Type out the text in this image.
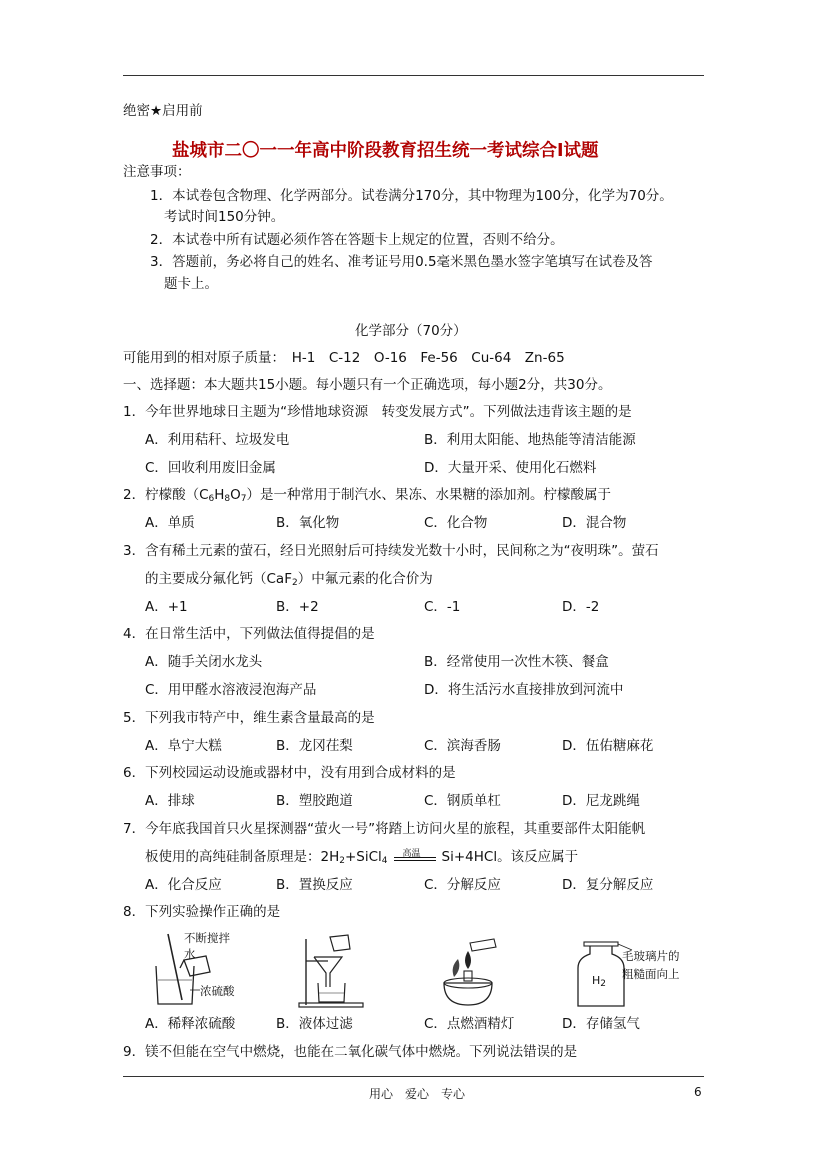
绝密★启用前
盐城市二〇一一年高中阶段教育招生统一考试综合Ⅰ试题
注意事项：
1．本试卷包含物理、化学两部分。试卷满分170分，其中物理为100分，化学为70分。
考试时间150分钟。
2．本试卷中所有试题必须作答在答题卡上规定的位置，否则不给分。
3．答题前，务必将自己的姓名、准考证号用0.5毫米黑色墨水签字笔填写在试卷及答
题卡上。
化学部分（70分）
可能用到的相对原子质量：　H-1　C-12　O-16　Fe-56　Cu-64　Zn-65
一、选择题：本大题共15小题。每小题只有一个正确选项，每小题2分，共30分。
1．今年世界地球日主题为“珍惜地球资源　转变发展方式”。下列做法违背该主题的是
A．利用秸秆、垃圾发电	B．利用太阳能、地热能等清洁能源
C．回收利用废旧金属	D．大量开采、使用化石燃料
2．柠檬酸$(C_6H_8O_7)$是一种常用于制汽水、果冻、水果糖的添加剂。柠檬酸属于
A．单质	B．氧化物	C．化合物	D．混合物
3．含有稀土元素的萤石，经日光照射后可持续发光数十小时，民间称之为“夜明珠”。萤石
的主要成分氟化钙（CaF$_2$）中氟元素的化合价为
A．+1	B．+2	C．-1	D．-2
4．在日常生活中，下列做法值得提倡的是
A．随手关闭水龙头	B．经常使用一次性木筷、餐盒
C．用甲醛水溶液浸泡海产品	D．将生活污水直接排放到河流中
5．下列我市特产中，维生素含量最高的是
A．阜宁大糕	B．龙冈茌梨	C．滨海香肠	D．伍佑糖麻花
6．下列校园运动设施或器材中，没有用到合成材料的是
A．排球	B．塑胶跑道	C．钢质单杠	D．尼龙跳绳
7．今年底我国首只火星探测器“萤火一号”将踏上访问火星的旅程，其重要部件太阳能帆
板使用的高纯硅制备原理是：$2H_2+SiCl_4$
高温 Si+4HCl。该反应属于
A．化合反应	B．置换反应	C．分解反应	D．复分解反应
8．下列实验操作正确的是
不断搅拌
水
浓硫酸
$H_2$
毛玻璃片的
粗糙面向上
A．稀释浓硫酸	B．液体过滤	C．点燃酒精灯	D．存储氢气
9．镁不但能在空气中燃烧，也能在二氧化碳气体中燃烧。下列说法错误的是
用心　爱心　专心	6
